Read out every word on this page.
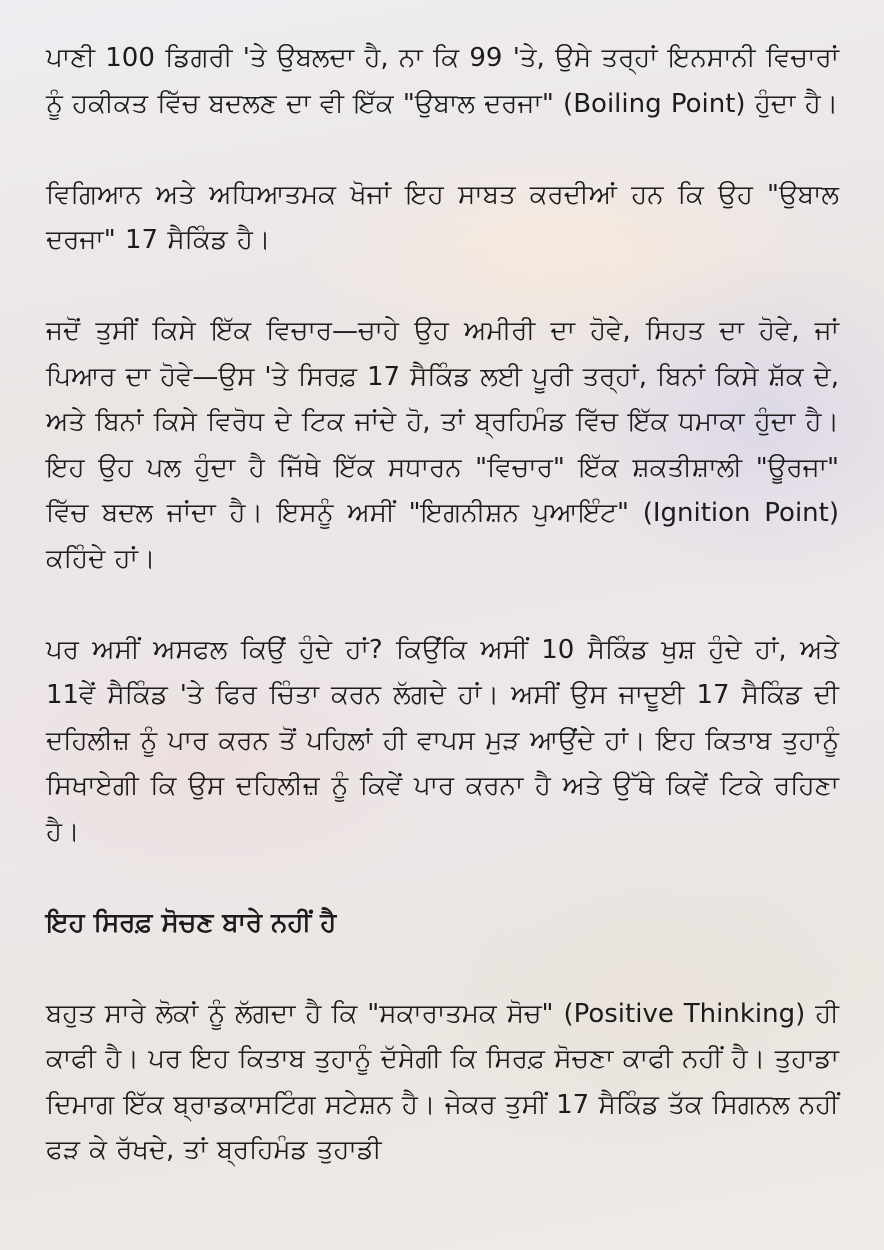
ਪਾਣੀ 100 ਡਿਗਰੀ 'ਤੇ ਉਬਲਦਾ ਹੈ, ਨਾ ਕਿ 99 'ਤੇ, ਉਸੇ ਤਰ੍ਹਾਂ ਇਨਸਾਨੀ ਵਿਚਾਰਾਂ ਨੂੰ ਹਕੀਕਤ ਵਿੱਚ ਬਦਲਣ ਦਾ ਵੀ ਇੱਕ "ਉਬਾਲ ਦਰਜਾ" (Boiling Point) ਹੁੰਦਾ ਹੈ।

ਵਿਗਿਆਨ ਅਤੇ ਅਧਿਆਤਮਕ ਖੋਜਾਂ ਇਹ ਸਾਬਤ ਕਰਦੀਆਂ ਹਨ ਕਿ ਉਹ "ਉਬਾਲ ਦਰਜਾ" 17 ਸੈਕਿੰਡ ਹੈ।

ਜਦੋਂ ਤੁਸੀਂ ਕਿਸੇ ਇੱਕ ਵਿਚਾਰ—ਚਾਹੇ ਉਹ ਅਮੀਰੀ ਦਾ ਹੋਵੇ, ਸਿਹਤ ਦਾ ਹੋਵੇ, ਜਾਂ ਪਿਆਰ ਦਾ ਹੋਵੇ—ਉਸ 'ਤੇ ਸਿਰਫ਼ 17 ਸੈਕਿੰਡ ਲਈ ਪੂਰੀ ਤਰ੍ਹਾਂ, ਬਿਨਾਂ ਕਿਸੇ ਸ਼ੱਕ ਦੇ, ਅਤੇ ਬਿਨਾਂ ਕਿਸੇ ਵਿਰੋਧ ਦੇ ਟਿਕ ਜਾਂਦੇ ਹੋ, ਤਾਂ ਬ੍ਰਹਿਮੰਡ ਵਿੱਚ ਇੱਕ ਧਮਾਕਾ ਹੁੰਦਾ ਹੈ। ਇਹ ਉਹ ਪਲ ਹੁੰਦਾ ਹੈ ਜਿੱਥੇ ਇੱਕ ਸਧਾਰਨ "ਵਿਚਾਰ" ਇੱਕ ਸ਼ਕਤੀਸ਼ਾਲੀ "ਊਰਜਾ" ਵਿੱਚ ਬਦਲ ਜਾਂਦਾ ਹੈ। ਇਸਨੂੰ ਅਸੀਂ "ਇਗਨੀਸ਼ਨ ਪੁਆਇੰਟ" (Ignition Point) ਕਹਿੰਦੇ ਹਾਂ।

ਪਰ ਅਸੀਂ ਅਸਫਲ ਕਿਉਂ ਹੁੰਦੇ ਹਾਂ? ਕਿਉਂਕਿ ਅਸੀਂ 10 ਸੈਕਿੰਡ ਖੁਸ਼ ਹੁੰਦੇ ਹਾਂ, ਅਤੇ 11ਵੇਂ ਸੈਕਿੰਡ 'ਤੇ ਫਿਰ ਚਿੰਤਾ ਕਰਨ ਲੱਗਦੇ ਹਾਂ। ਅਸੀਂ ਉਸ ਜਾਦੂਈ 17 ਸੈਕਿੰਡ ਦੀ ਦਹਿਲੀਜ਼ ਨੂੰ ਪਾਰ ਕਰਨ ਤੋਂ ਪਹਿਲਾਂ ਹੀ ਵਾਪਸ ਮੁੜ ਆਉਂਦੇ ਹਾਂ। ਇਹ ਕਿਤਾਬ ਤੁਹਾਨੂੰ ਸਿਖਾਏਗੀ ਕਿ ਉਸ ਦਹਿਲੀਜ਼ ਨੂੰ ਕਿਵੇਂ ਪਾਰ ਕਰਨਾ ਹੈ ਅਤੇ ਉੱਥੇ ਕਿਵੇਂ ਟਿਕੇ ਰਹਿਣਾ ਹੈ।

ਇਹ ਸਿਰਫ਼ ਸੋਚਣ ਬਾਰੇ ਨਹੀਂ ਹੈ

ਬਹੁਤ ਸਾਰੇ ਲੋਕਾਂ ਨੂੰ ਲੱਗਦਾ ਹੈ ਕਿ "ਸਕਾਰਾਤਮਕ ਸੋਚ" (Positive Thinking) ਹੀ ਕਾਫੀ ਹੈ। ਪਰ ਇਹ ਕਿਤਾਬ ਤੁਹਾਨੂੰ ਦੱਸੇਗੀ ਕਿ ਸਿਰਫ਼ ਸੋਚਣਾ ਕਾਫੀ ਨਹੀਂ ਹੈ। ਤੁਹਾਡਾ ਦਿਮਾਗ ਇੱਕ ਬ੍ਰਾਡਕਾਸਟਿੰਗ ਸਟੇਸ਼ਨ ਹੈ। ਜੇਕਰ ਤੁਸੀਂ 17 ਸੈਕਿੰਡ ਤੱਕ ਸਿਗਨਲ ਨਹੀਂ ਫੜ ਕੇ ਰੱਖਦੇ, ਤਾਂ ਬ੍ਰਹਿਮੰਡ ਤੁਹਾਡੀ
